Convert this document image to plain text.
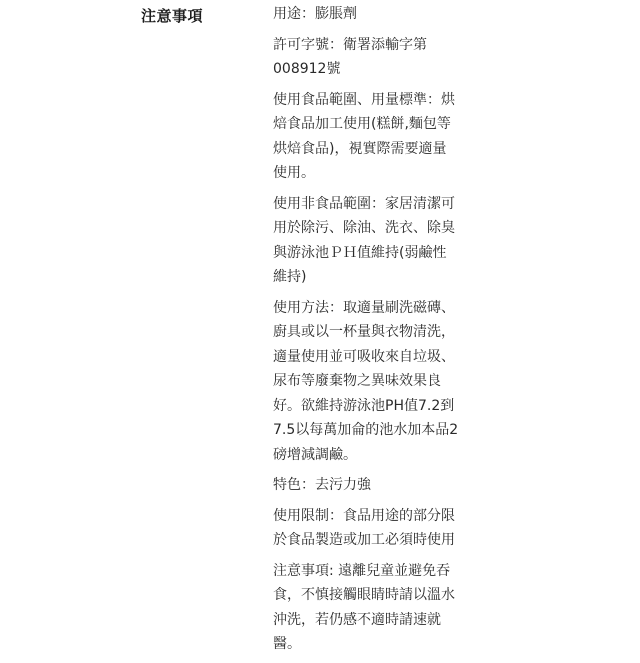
注意事項	用途：膨脹劑
許可字號：衛署添輸字第
008912號
使用食品範圍、用量標準：烘
焙食品加工使用(糕餅,麵包等
烘焙食品)，視實際需要適量
使用。
使用非食品範圍：家居清潔可
用於除污、除油、洗衣、除臭
與游泳池ＰＨ值維持(弱鹼性
維持)
使用方法：取適量刷洗磁磚、
廚具或以一杯量與衣物清洗，
適量使用並可吸收來自垃圾、
尿布等廢棄物之異味效果良
好。欲維持游泳池PH值7.2到
7.5以每萬加侖的池水加本品2
磅增減調鹼。
特色：去污力強
使用限制：食品用途的部分限
於食品製造或加工必須時使用
注意事項: 遠離兒童並避免吞
食，不慎接觸眼睛時請以溫水
沖洗，若仍感不適時請速就
醫。
